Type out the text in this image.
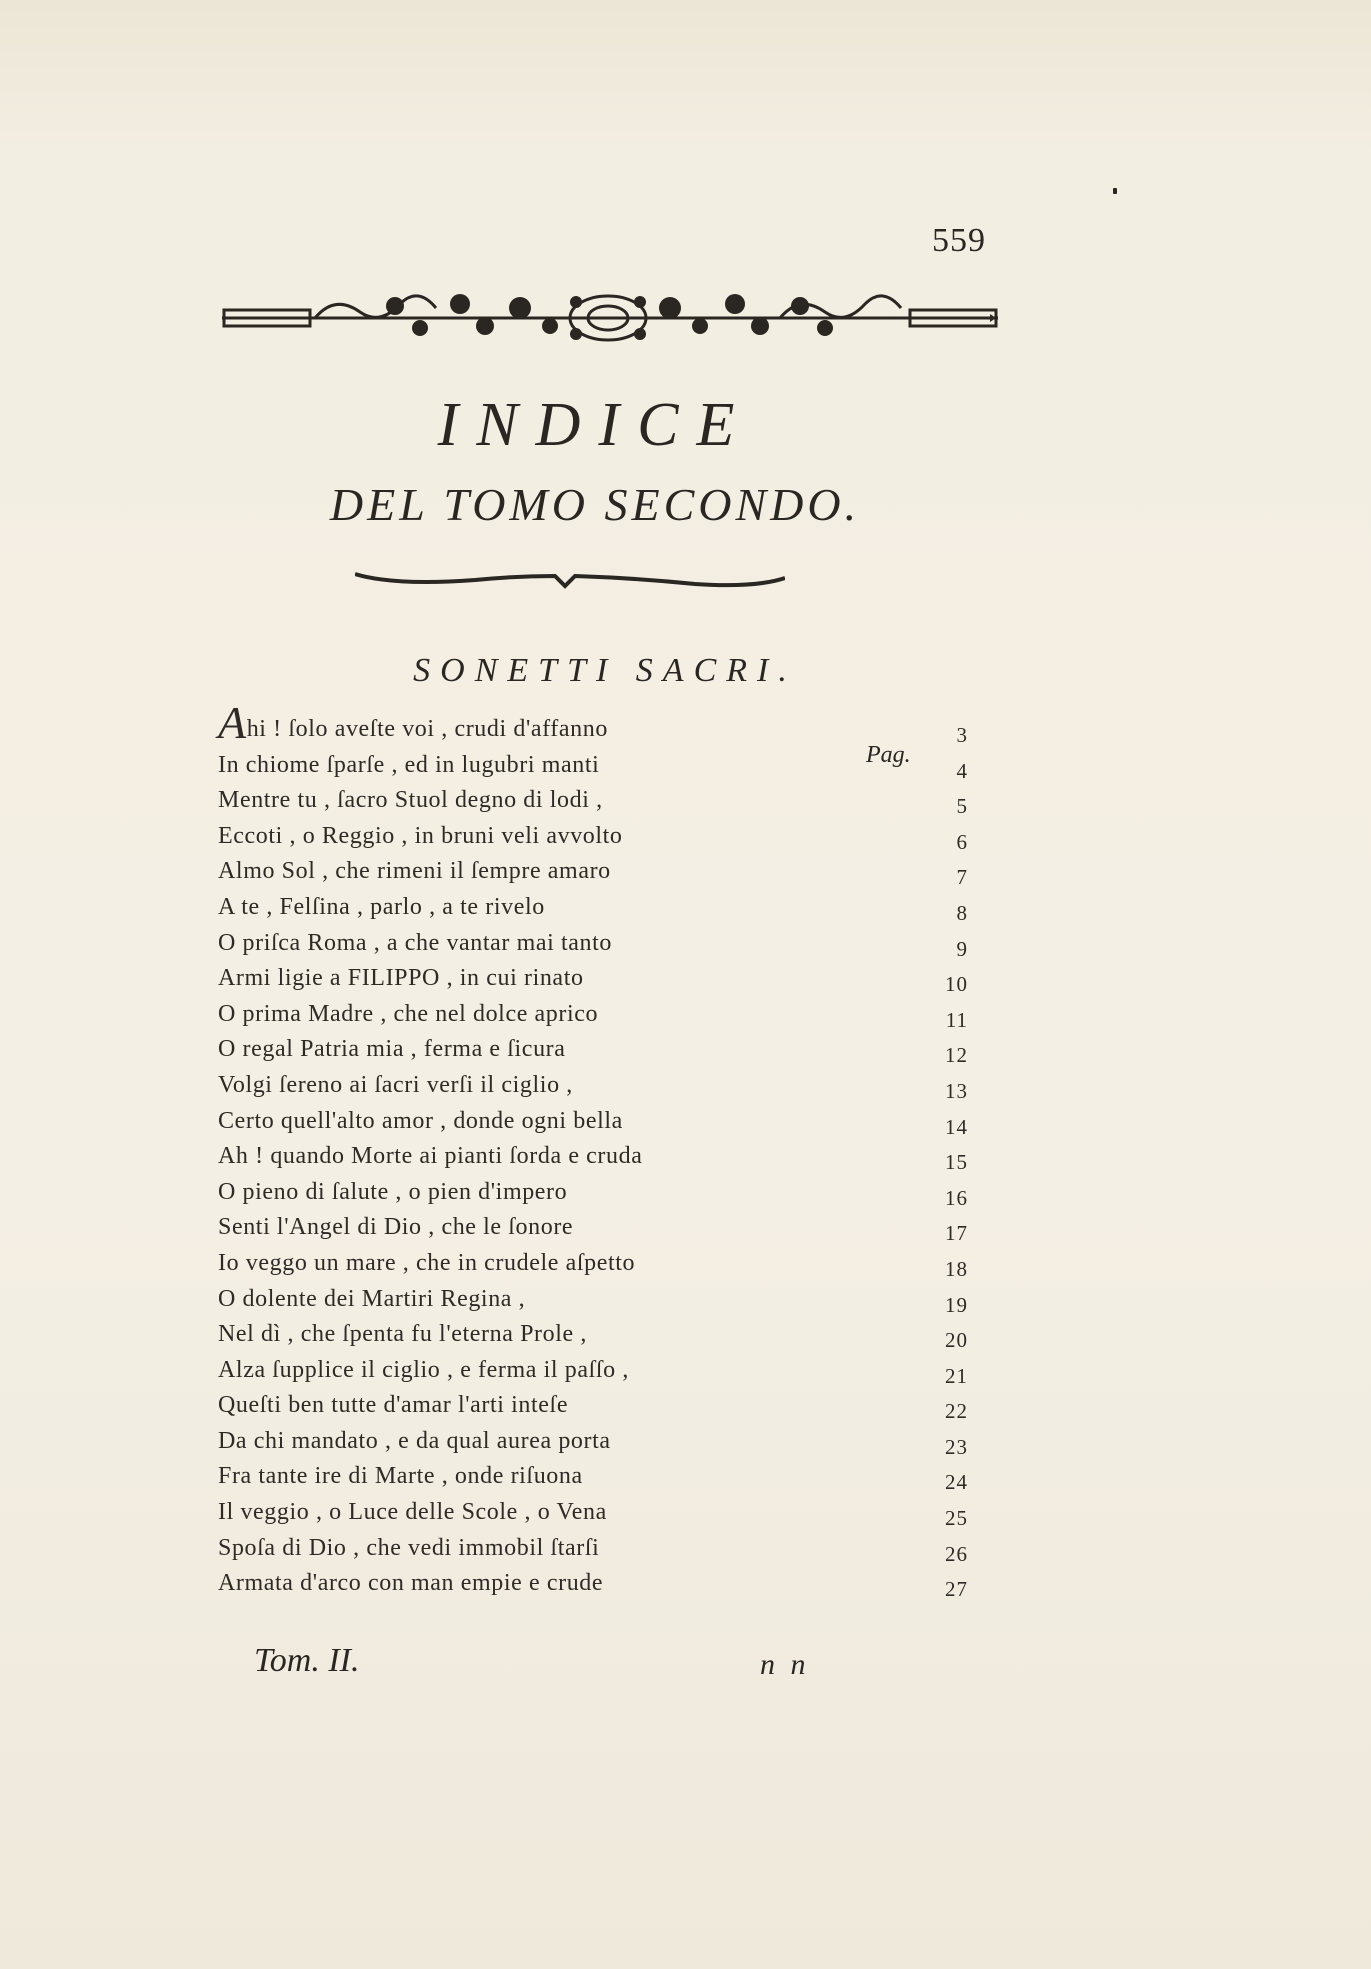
559
INDICE
DEL TOMO SECONDO.
SONETTI SACRI.
Ahi ! ſolo aveſte voi , crudi d'affanno	3
In chiome ſparſe , ed in lugubri manti	4
Mentre tu , ſacro Stuol degno di lodi ,	5
Eccoti , o Reggio , in bruni veli avvolto	6
Almo Sol , che rimeni il ſempre amaro	7
A te , Felſina , parlo , a te rivelo	8
O priſca Roma , a che vantar mai tanto	9
Armi ligie a FILIPPO , in cui rinato	10
O prima Madre , che nel dolce aprico	11
O regal Patria mia , ferma e ſicura	12
Volgi ſereno ai ſacri verſi il ciglio ,	13
Certo quell'alto amor , donde ogni bella	14
Ah ! quando Morte ai pianti ſorda e cruda	15
O pieno di ſalute , o pien d'impero	16
Senti l'Angel di Dio , che le ſonore	17
Io veggo un mare , che in crudele aſpetto	18
O dolente dei Martiri Regina ,	19
Nel dì , che ſpenta fu l'eterna Prole ,	20
Alza ſupplice il ciglio , e ferma il paſſo ,	21
Queſti ben tutte d'amar l'arti inteſe	22
Da chi mandato , e da qual aurea porta	23
Fra tante ire di Marte , onde riſuona	24
Il veggio , o Luce delle Scole , o Vena	25
Spoſa di Dio , che vedi immobil ſtarſi	26
Armata d'arco con man empie e crude	27
Pag.
Tom. II.	n n
